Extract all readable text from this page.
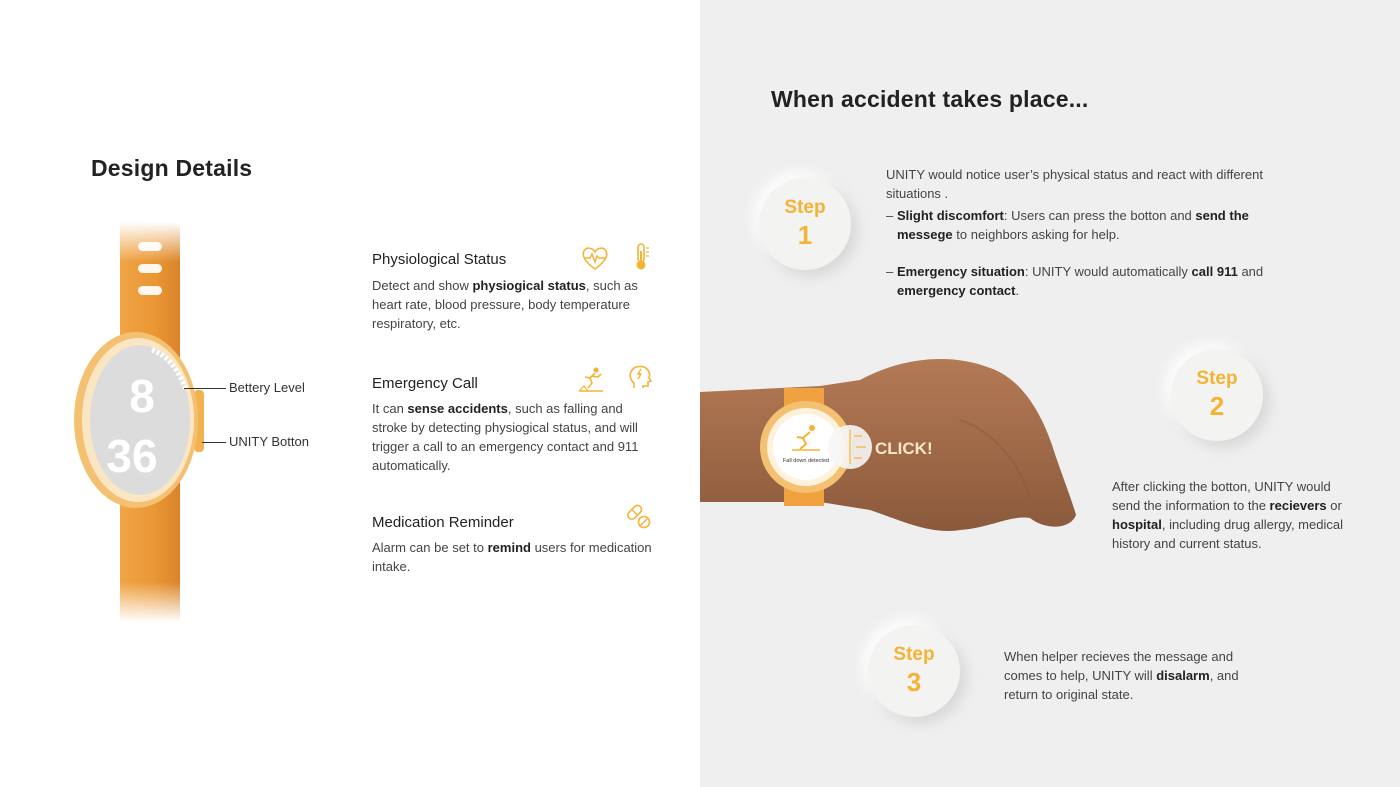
Design Details
8
36
Bettery Level
UNITY Botton
Physiological Status
Detect and show physiogical status, such as heart rate, blood pressure, body temperature respiratory, etc.
Emergency Call
It can sense accidents, such as falling and stroke by detecting physiogical status, and will trigger a call to an emergency contact and 911 automatically.
Medication Reminder
Alarm can be set to remind users for medication intake.
When accident takes place...
Step
1
UNITY would notice user’s physical status and react with different situations .
– Slight discomfort: Users can press the botton and send the messege to neighbors asking for help.
– Emergency situation: UNITY would automatically call 911 and emergency contact.
Fall down detected
CLICK!
Step
2
After clicking the botton, UNITY would send the information to the recievers or hospital, including drug allergy, medical history and current status.
Step
3
When helper recieves the message and comes to help, UNITY will disalarm, and return to original state.
